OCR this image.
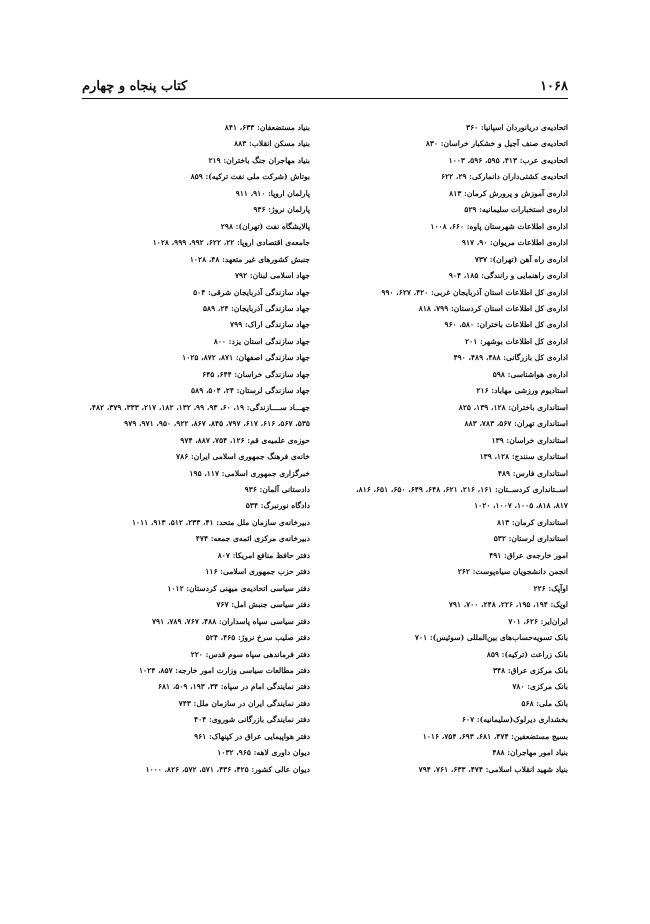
کتاب پنجاه و چهارم	۱۰۶۸
اتحادیه‌ی دریانوردان اسپانیا: ۳۶۰
اتحادیه‌ی صنف آجیل و خشکبار خراسان: ۸۳۰
اتحادیه‌ی عرب: ۴۱۳، ۵۹۵، ۵۹۶، ۱۰۰۳
اتحادیه‌ی کشتی‌داران دانمارکی: ۲۹، ۶۲۲
اداره‌ی آموزش و پرورش کرمان: ۸۱۳
اداره‌ی استخبارات سلیمانیه: ۵۲۹
اداره‌ی اطلاعات شهرستان پاوه: ۶۶۰، ۱۰۰۸
اداره‌ی اطلاعات مریوان: ۹۰، ۹۱۷
اداره‌ی راه آهن (تهران): ۷۳۷
اداره‌ی راهنمایی و رانندگی: ۱۸۵، ۹۰۴
اداره‌ی کل اطلاعات استان آذربایجان غربی: ۴۲۰، ۶۲۷، ۹۹۰
اداره‌ی کل اطلاعات استان کردستان: ۷۹۹، ۸۱۸
اداره‌ی کل اطلاعات باختران: ۵۸۰، ۹۶۰
اداره‌ی کل اطلاعات بوشهر: ۲۰۱
اداره‌ی کل بازرگانی: ۴۸۸، ۴۸۹، ۴۹۰
اداره‌ی هواشناسی: ۵۹۸
استادیوم ورزشی مهاباد: ۲۱۶
استانداری باختران: ۱۲۸، ۱۳۹، ۸۲۵
استانداری تهران: ۵۶۷، ۷۸۳، ۸۸۳
استانداری خراسان: ۱۳۹
استانداری سنندج: ۱۲۸، ۱۳۹
استانداری فارس: ۴۸۹
اســتانداری کردســتان: ۱۶۱، ۲۱۶، ۶۲۱، ۶۴۸، ۶۴۹، ۶۵۰، ۶۵۱، ۸۱۶،
۸۱۷، ۸۱۸، ۱۰۰۵، ۱۰۰۷، ۱۰۲۰
استانداری کرمان: ۸۱۳
استانداری لرستان: ۵۳۲
امور خارجه‌ی عراق: ۴۹۱
انجمن دانشجویان سیاه‌پوست: ۲۶۲
اوآپک: ۲۲۶
اوپک: ۱۹۴، ۱۹۵، ۲۲۶، ۲۴۸، ۷۰۰، ۷۹۱
ایران‌ایر: ۶۲۶، ۷۰۱
بانک تسویه‌حساب‌های بین‌المللی (سوئیس): ۷۰۱
بانک زراعت (ترکیه): ۸۵۹
بانک مرکزی عراق: ۳۴۸
بانک مرکزی: ۷۸۰
بانک ملی: ۵۶۸
بخشداری دیرلوک(سلیمانیه): ۶۰۷
بسیج مستضعفین: ۴۷۴، ۶۸۱، ۶۹۳، ۷۵۴، ۱۰۱۶
بنیاد امور مهاجران: ۴۸۸
بنیاد شهید انقلاب اسلامی: ۴۷۴، ۶۳۳، ۷۶۱، ۷۹۴
بنیاد مستضعفان: ۶۳۳، ۸۴۱
بنیاد مسکن انقلاب: ۸۸۳
بنیاد مهاجران جنگ باختران: ۲۱۹
بوتاش (شرکت ملی نفت ترکیه): ۸۵۹
پارلمان اروپا: ۹۱۰، ۹۱۱
پارلمان نروژ: ۹۳۶
پالایشگاه نفت (تهران): ۲۹۸
جامعه‌ی اقتصادی اروپا: ۲۲، ۶۲۲، ۹۹۲، ۹۹۹، ۱۰۲۸
جنبش کشورهای غیر متعهد: ۴۸، ۱۰۲۸
جهاد اسلامی لبنان: ۷۹۲
جهاد سازندگی آذربایجان شرقی: ۵۰۴
جهاد سازندگی آذربایجان: ۲۴، ۵۸۹
جهاد سازندگی اراک: ۷۹۹
جهاد سازندگی استان یزد: ۸۰۰
جهاد سازندگی اصفهان: ۸۷۱، ۸۷۲، ۱۰۲۵
جهاد سازندگی خراسان: ۶۴۴، ۶۴۵
جهاد سازندگی لرستان: ۲۴، ۵۰۴، ۵۸۹
جهـــاد ســــازندگی: ۱۹، ۶۰، ۹۳، ۹۹، ۱۳۲، ۱۸۲، ۲۱۷، ۳۳۳، ۳۷۹، ۴۸۲،
۵۳۵، ۵۶۷، ۶۱۶، ۶۱۷، ۷۹۷، ۸۴۵، ۸۶۷، ۹۲۲، ۹۵۰، ۹۷۱، ۹۷۹
حوزه‌ی علمیه‌ی قم: ۱۲۶، ۷۵۴، ۸۸۷، ۹۷۴
خانه‌ی فرهنگ جمهوری اسلامی ایران: ۷۸۶
خبرگزاری جمهوری اسلامی: ۱۱۷، ۱۹۵
دادستانی آلمان: ۹۳۶
دادگاه نورنبرگ: ۵۳۴
دبیرخانه‌ی سازمان ملل متحد: ۴۱، ۲۳۳، ۵۱۲، ۹۱۳، ۱۰۱۱
دبیرخانه‌ی مرکزی ائمه‌ی جمعه: ۴۷۴
دفتر حافظ منافع امریکا: ۸۰۷
دفتر حزب جمهوری اسلامی: ۱۱۶
دفتر سیاسی اتحادیه‌ی میهنی کردستان: ۱۰۱۲
دفتر سیاسی جنبش امل: ۷۶۷
دفتر سیاسی سپاه پاسداران: ۴۸۸، ۷۶۷، ۷۸۹، ۷۹۱
دفتر صلیب سرخ نروژ: ۴۶۵، ۵۲۴
دفتر فرماندهی سپاه سوم قدس: ۲۲۰
دفتر مطالعات سیاسی وزارت امور خارجه: ۸۵۷، ۱۰۲۴
دفتر نمایندگی امام در سپاه: ۳۴، ۱۹۳، ۵۰۹، ۶۸۱
دفتر نمایندگی ایران در سازمان ملل: ۷۴۳
دفتر نمایندگی بازرگانی شوروی: ۴۰۴
دفتر هواپیمایی عراق در کپنهاک: ۹۶۱
دیوان داوری لاهه: ۹۶۵، ۱۰۳۲
دیوان عالی کشور: ۴۲۵، ۴۳۶، ۵۷۱، ۵۷۲، ۸۲۶، ۱۰۰۰
